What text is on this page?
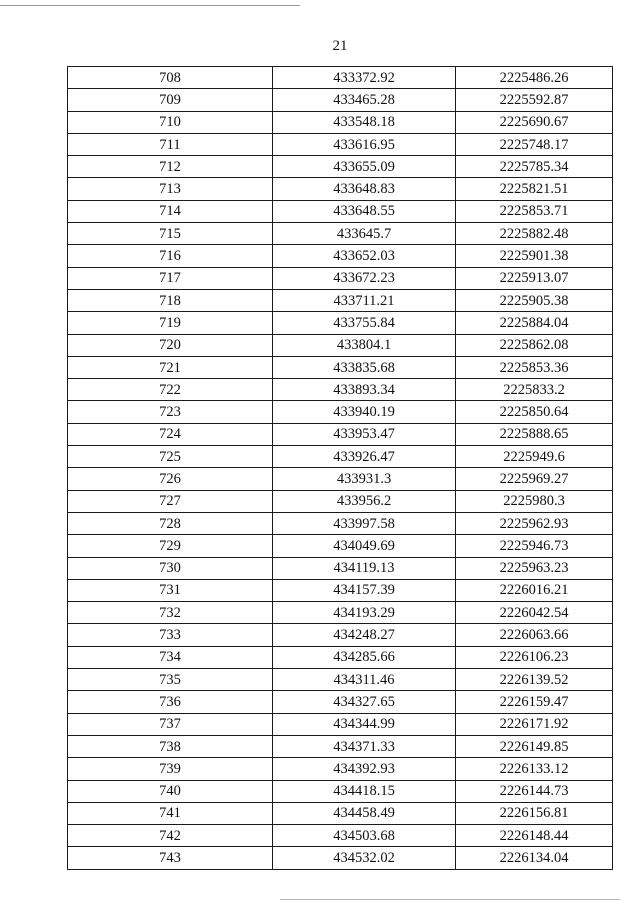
21
708	433372.92	2225486.26
709	433465.28	2225592.87
710	433548.18	2225690.67
711	433616.95	2225748.17
712	433655.09	2225785.34
713	433648.83	2225821.51
714	433648.55	2225853.71
715	433645.7	2225882.48
716	433652.03	2225901.38
717	433672.23	2225913.07
718	433711.21	2225905.38
719	433755.84	2225884.04
720	433804.1	2225862.08
721	433835.68	2225853.36
722	433893.34	2225833.2
723	433940.19	2225850.64
724	433953.47	2225888.65
725	433926.47	2225949.6
726	433931.3	2225969.27
727	433956.2	2225980.3
728	433997.58	2225962.93
729	434049.69	2225946.73
730	434119.13	2225963.23
731	434157.39	2226016.21
732	434193.29	2226042.54
733	434248.27	2226063.66
734	434285.66	2226106.23
735	434311.46	2226139.52
736	434327.65	2226159.47
737	434344.99	2226171.92
738	434371.33	2226149.85
739	434392.93	2226133.12
740	434418.15	2226144.73
741	434458.49	2226156.81
742	434503.68	2226148.44
743	434532.02	2226134.04
